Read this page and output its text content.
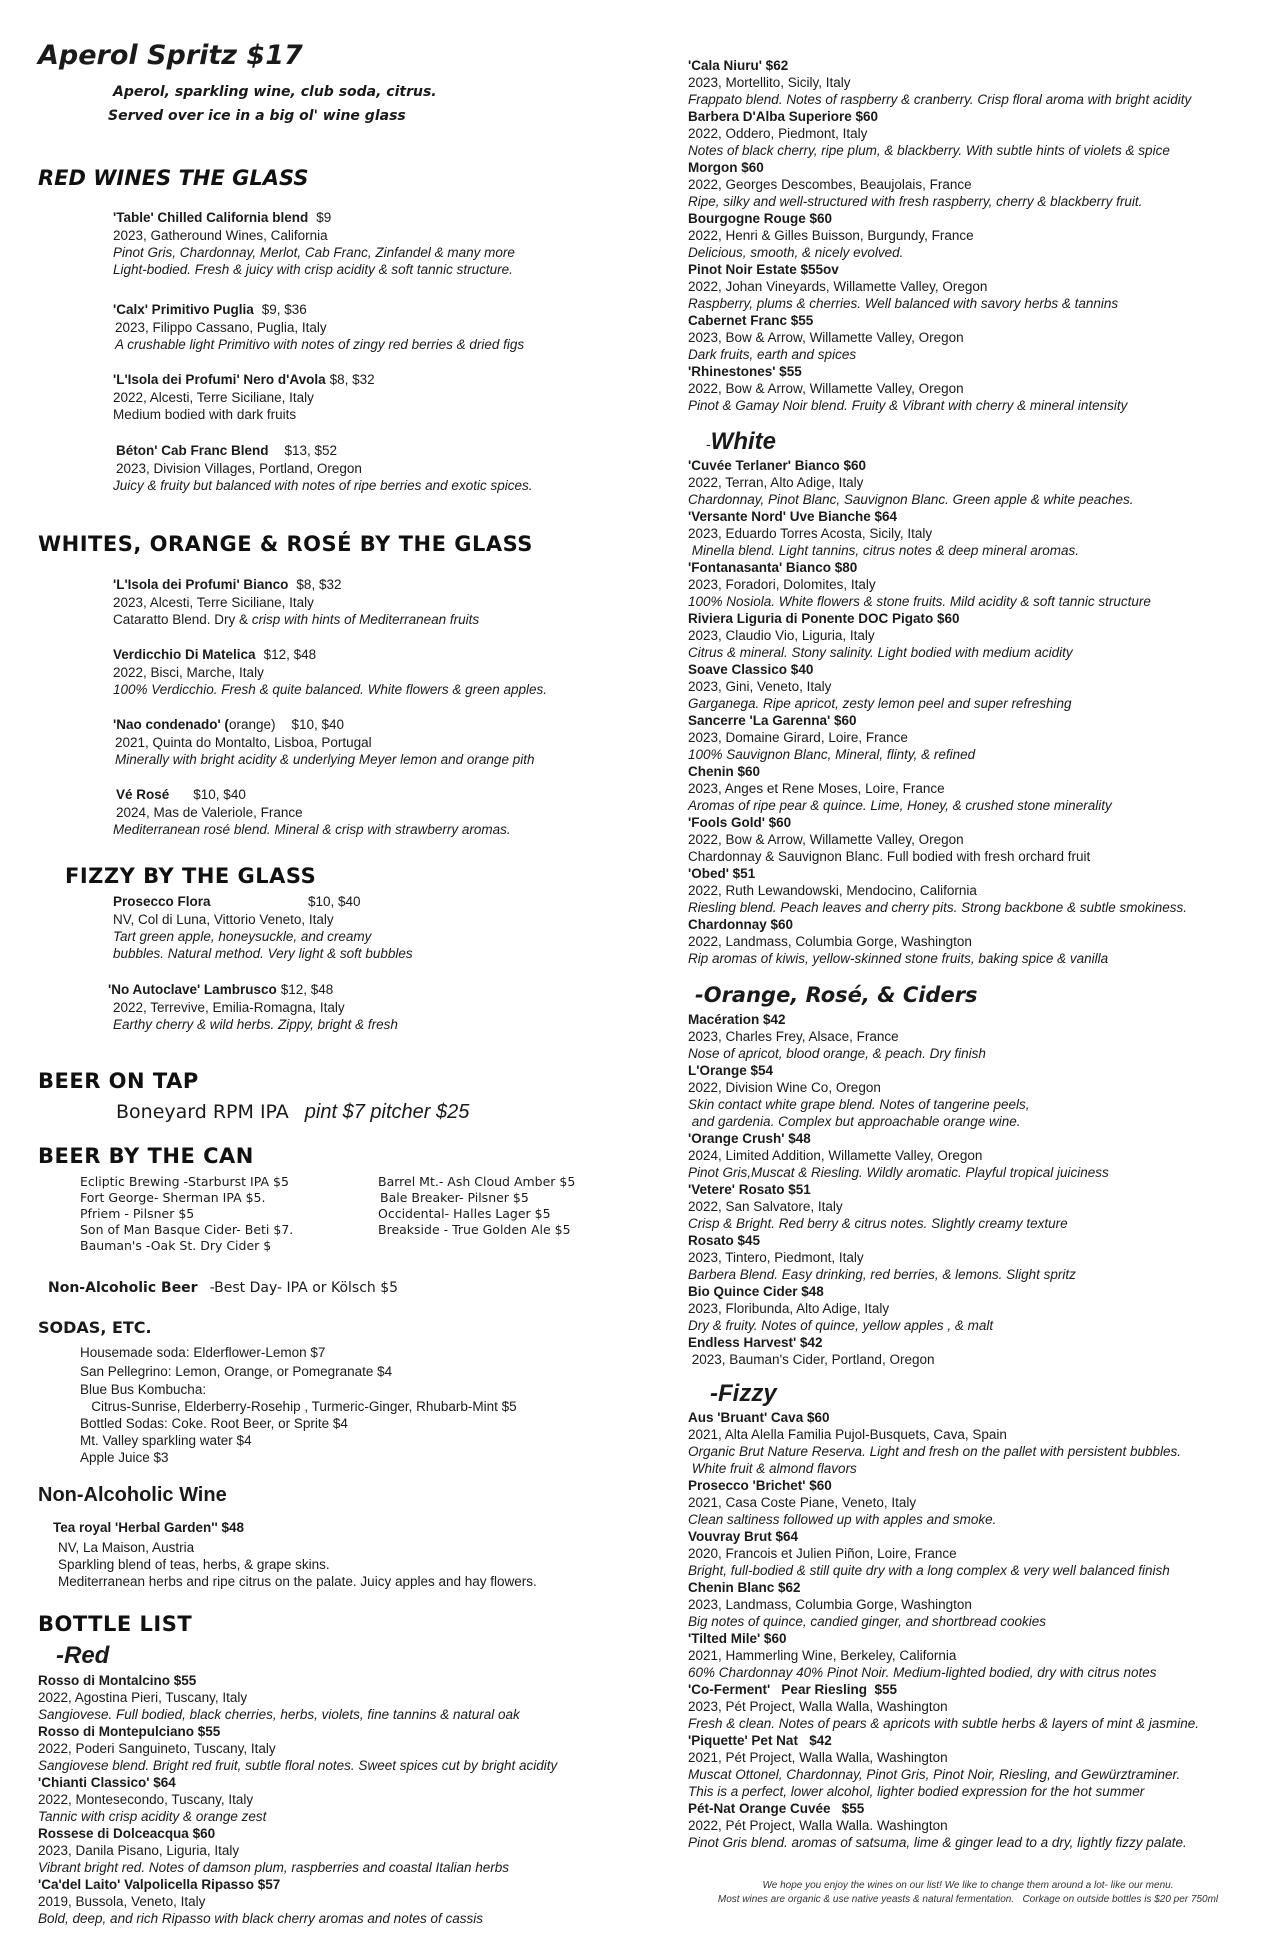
Aperol Spritz $17
Aperol, sparkling wine, club soda, citrus.
Served over ice in a big ol' wine glass
RED WINES THE GLASS
'Table' Chilled California blend $9
2023, Gatheround Wines, California
Pinot Gris, Chardonnay, Merlot, Cab Franc, Zinfandel & many more
Light-bodied. Fresh & juicy with crisp acidity & soft tannic structure.
'Calx' Primitivo Puglia $9, $36
2023, Filippo Cassano, Puglia, Italy
A crushable light Primitivo with notes of zingy red berries & dried figs
'L'Isola dei Profumi' Nero d'Avola $8, $32
2022, Alcesti, Terre Siciliane, Italy
Medium bodied with dark fruits
Béton' Cab Franc Blend $13, $52
2023, Division Villages, Portland, Oregon
Juicy & fruity but balanced with notes of ripe berries and exotic spices.
WHITES, ORANGE & ROSÉ BY THE GLASS
'L'Isola dei Profumi' Bianco $8, $32
2023, Alcesti, Terre Siciliane, Italy
Cataratto Blend. Dry & crisp with hints of Mediterranean fruits
Verdicchio Di Matelica $12, $48
2022, Bisci, Marche, Italy
100% Verdicchio. Fresh & quite balanced. White flowers & green apples.
'Nao condenado' (orange) $10, $40
2021, Quinta do Montalto, Lisboa, Portugal
Minerally with bright acidity & underlying Meyer lemon and orange pith
Vé Rosé $10, $40
2024, Mas de Valeriole, France
Mediterranean rosé blend. Mineral & crisp with strawberry aromas.
FIZZY BY THE GLASS
Prosecco Flora	$10, $40
NV, Col di Luna, Vittorio Veneto, Italy
Tart green apple, honeysuckle, and creamy
bubbles. Natural method. Very light & soft bubbles
'No Autoclave' Lambrusco $12, $48
2022, Terrevive, Emilia-Romagna, Italy
Earthy cherry & wild herbs. Zippy, bright & fresh
BEER ON TAP
Boneyard RPM IPA pint $7 pitcher $25
BEER BY THE CAN
Ecliptic Brewing -Starburst IPA $5
Fort George- Sherman IPA $5.
Pfriem - Pilsner $5
Son of Man Basque Cider- Beti $7.
Bauman's -Oak St. Dry Cider $
Barrel Mt.- Ash Cloud Amber $5
Bale Breaker- Pilsner $5
Occidental- Halles Lager $5
Breakside - True Golden Ale $5
Non-Alcoholic Beer -Best Day- IPA or Kölsch $5
SODAS, ETC.
Housemade soda: Elderflower-Lemon $7
San Pellegrino: Lemon, Orange, or Pomegranate $4
Blue Bus Kombucha:
Citrus-Sunrise, Elderberry-Rosehip , Turmeric-Ginger, Rhubarb-Mint $5
Bottled Sodas: Coke. Root Beer, or Sprite $4
Mt. Valley sparkling water $4
Apple Juice $3
Non-Alcoholic Wine
Tea royal 'Herbal Garden'' $48
NV, La Maison, Austria
Sparkling blend of teas, herbs, & grape skins.
Mediterranean herbs and ripe citrus on the palate. Juicy apples and hay flowers.
BOTTLE LIST
-Red
Rosso di Montalcino $55
2022, Agostina Pieri, Tuscany, Italy
Sangiovese. Full bodied, black cherries, herbs, violets, fine tannins & natural oak
Rosso di Montepulciano $55
2022, Poderi Sanguineto, Tuscany, Italy
Sangiovese blend. Bright red fruit, subtle floral notes. Sweet spices cut by bright acidity
'Chianti Classico' $64
2022, Montesecondo, Tuscany, Italy
Tannic with crisp acidity & orange zest
Rossese di Dolceacqua $60
2023, Danila Pisano, Liguria, Italy
Vibrant bright red. Notes of damson plum, raspberries and coastal Italian herbs
'Ca'del Laito' Valpolicella Ripasso $57
2019, Bussola, Veneto, Italy
Bold, deep, and rich Ripasso with black cherry aromas and notes of cassis
'Cala Niuru' $62
2023, Mortellito, Sicily, Italy
Frappato blend. Notes of raspberry & cranberry. Crisp floral aroma with bright acidity
Barbera D'Alba Superiore $60
2022, Oddero, Piedmont, Italy
Notes of black cherry, ripe plum, & blackberry. With subtle hints of violets & spice
Morgon $60
2022, Georges Descombes, Beaujolais, France
Ripe, silky and well-structured with fresh raspberry, cherry & blackberry fruit.
Bourgogne Rouge $60
2022, Henri & Gilles Buisson, Burgundy, France
Delicious, smooth, & nicely evolved.
Pinot Noir Estate $55ov
2022, Johan Vineyards, Willamette Valley, Oregon
Raspberry, plums & cherries. Well balanced with savory herbs & tannins
Cabernet Franc $55
2023, Bow & Arrow, Willamette Valley, Oregon
Dark fruits, earth and spices
'Rhinestones' $55
2022, Bow & Arrow, Willamette Valley, Oregon
Pinot & Gamay Noir blend. Fruity & Vibrant with cherry & mineral intensity
-White
'Cuvée Terlaner' Bianco $60
2022, Terran, Alto Adige, Italy
Chardonnay, Pinot Blanc, Sauvignon Blanc. Green apple & white peaches.
'Versante Nord' Uve Bianche $64
2023, Eduardo Torres Acosta, Sicily, Italy
Minella blend. Light tannins, citrus notes & deep mineral aromas.
'Fontanasanta' Bianco $80
2023, Foradori, Dolomites, Italy
100% Nosiola. White flowers & stone fruits. Mild acidity & soft tannic structure
Riviera Liguria di Ponente DOC Pigato $60
2023, Claudio Vio, Liguria, Italy
Citrus & mineral. Stony salinity. Light bodied with medium acidity
Soave Classico $40
2023, Gini, Veneto, Italy
Garganega. Ripe apricot, zesty lemon peel and super refreshing
Sancerre 'La Garenna' $60
2023, Domaine Girard, Loire, France
100% Sauvignon Blanc, Mineral, flinty, & refined
Chenin $60
2023, Anges et Rene Moses, Loire, France
Aromas of ripe pear & quince. Lime, Honey, & crushed stone minerality
'Fools Gold' $60
2022, Bow & Arrow, Willamette Valley, Oregon
Chardonnay & Sauvignon Blanc. Full bodied with fresh orchard fruit
'Obed' $51
2022, Ruth Lewandowski, Mendocino, California
Riesling blend. Peach leaves and cherry pits. Strong backbone & subtle smokiness.
Chardonnay $60
2022, Landmass, Columbia Gorge, Washington
Rip aromas of kiwis, yellow-skinned stone fruits, baking spice & vanilla
-Orange, Rosé, & Ciders
Macération $42
2023, Charles Frey, Alsace, France
Nose of apricot, blood orange, & peach. Dry finish
L'Orange $54
2022, Division Wine Co, Oregon
Skin contact white grape blend. Notes of tangerine peels,
and gardenia. Complex but approachable orange wine.
'Orange Crush' $48
2024, Limited Addition, Willamette Valley, Oregon
Pinot Gris,Muscat & Riesling. Wildly aromatic. Playful tropical juiciness
'Vetere' Rosato $51
2022, San Salvatore, Italy
Crisp & Bright. Red berry & citrus notes. Slightly creamy texture
Rosato $45
2023, Tintero, Piedmont, Italy
Barbera Blend. Easy drinking, red berries, & lemons. Slight spritz
Bio Quince Cider $48
2023, Floribunda, Alto Adige, Italy
Dry & fruity. Notes of quince, yellow apples , & malt
Endless Harvest' $42
2023, Bauman's Cider, Portland, Oregon
-Fizzy
Aus 'Bruant' Cava $60
2021, Alta Alella Familia Pujol-Busquets, Cava, Spain
Organic Brut Nature Reserva. Light and fresh on the pallet with persistent bubbles.
White fruit & almond flavors
Prosecco 'Brichet' $60
2021, Casa Coste Piane, Veneto, Italy
Clean saltiness followed up with apples and smoke.
Vouvray Brut $64
2020, Francois et Julien Piñon, Loire, France
Bright, full-bodied & still quite dry with a long complex & very well balanced finish
Chenin Blanc $62
2023, Landmass, Columbia Gorge, Washington
Big notes of quince, candied ginger, and shortbread cookies
'Tilted Mile' $60
2021, Hammerling Wine, Berkeley, California
60% Chardonnay 40% Pinot Noir. Medium-lighted bodied, dry with citrus notes
'Co-Ferment'   Pear Riesling  $55
2023, Pét Project, Walla Walla, Washington
Fresh & clean. Notes of pears & apricots with subtle herbs & layers of mint & jasmine.
'Piquette' Pet Nat   $42
2021, Pét Project, Walla Walla, Washington
Muscat Ottonel, Chardonnay, Pinot Gris, Pinot Noir, Riesling, and Gewürztraminer.
This is a perfect, lower alcohol, lighter bodied expression for the hot summer
Pét-Nat Orange Cuvée   $55
2022, Pét Project, Walla Walla. Washington
Pinot Gris blend. aromas of satsuma, lime & ginger lead to a dry, lightly fizzy palate.
We hope you enjoy the wines on our list! We like to change them around a lot- like our menu.
Most wines are organic & use native yeasts & natural fermentation.   Corkage on outside bottles is $20 per 750ml
